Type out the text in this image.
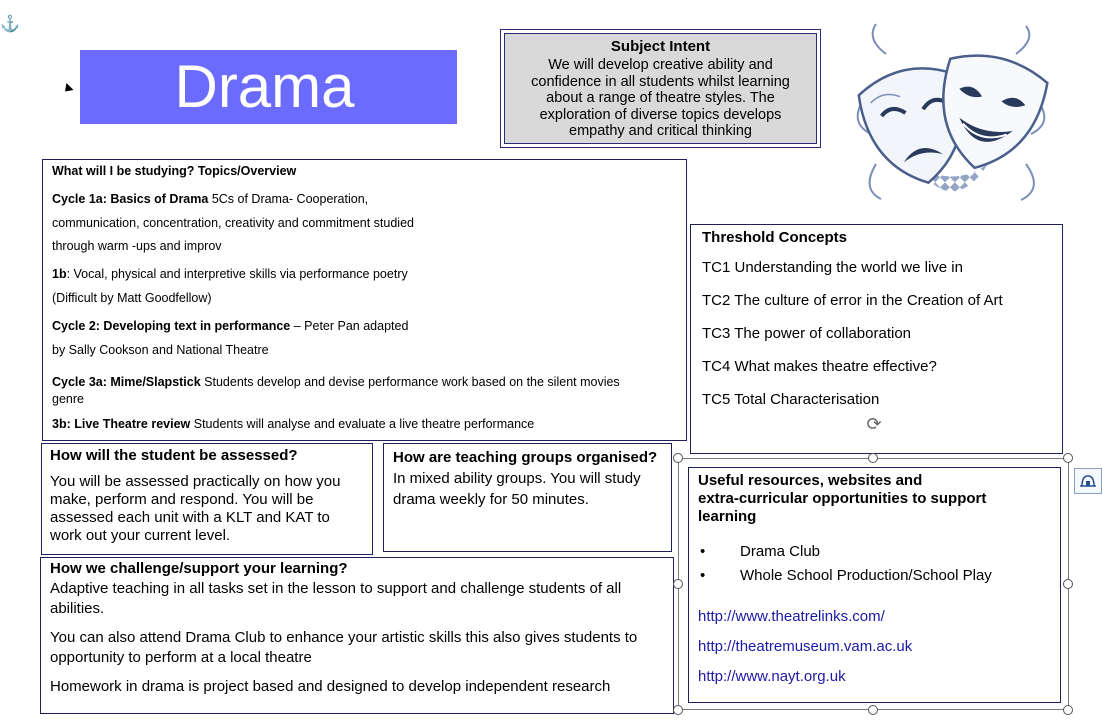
⚓
Drama
Subject Intent
We will develop creative ability and
confidence in all students whilst learning
about a range of theatre styles. The
exploration of diverse topics develops
empathy and critical thinking
What will I be studying? Topics/Overview
Cycle 1a: Basics of Drama 5Cs of Drama- Cooperation,
communication, concentration, creativity and commitment studied
through warm -ups and improv
1b: Vocal, physical and interpretive skills via performance poetry
(Difficult by Matt Goodfellow)
Cycle 2: Developing text in performance – Peter Pan adapted
by Sally Cookson and National Theatre
Cycle 3a: Mime/Slapstick Students develop and devise performance work based on the silent movies
genre
3b: Live Theatre review Students will analyse and evaluate a live theatre performance
Threshold Concepts
TC1 Understanding the world we live in
TC2 The culture of error in the Creation of Art
TC3 The power of collaboration
TC4 What makes theatre effective?
TC5 Total Characterisation
How will the student be assessed?
You will be assessed practically on how you make, perform and respond. You will be assessed each unit with a KLT and KAT to work out your current level.
How are teaching groups organised?
In mixed ability groups. You will study drama weekly for 50 minutes.
How we challenge/support your learning?

Adaptive teaching in all tasks set in the lesson to support and challenge students of all abilities.

You can also attend Drama Club to enhance your artistic skills this also gives students to opportunity to perform at a local theatre

Homework in drama is project based and designed to develop independent research

Useful resources, websites and
extra-curricular opportunities to support
learning
• Drama Club
• Whole School Production/School Play
http://www.theatrelinks.com/
http://theatremuseum.vam.ac.uk
http://www.nayt.org.uk
⟳
